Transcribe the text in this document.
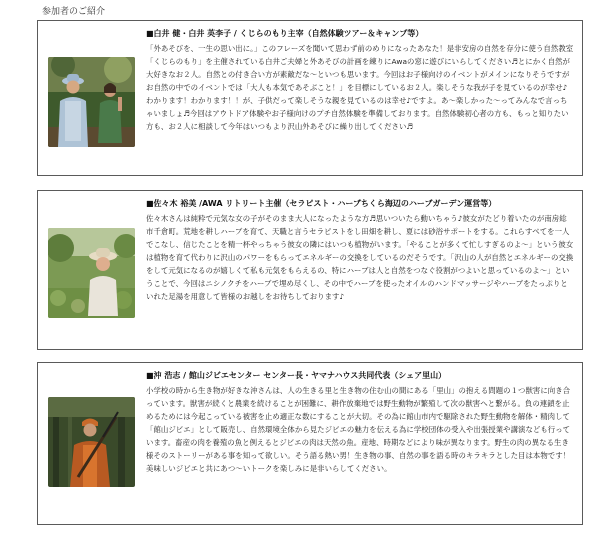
参加者のご紹介
■白井 健・白井 英李子 / くじらのもり主宰（自然体験ツアー＆キャンプ等）
「外あそびを、一生の思い出に。」このフレーズを聞いて思わず前のめりになったあなた！是非安房の自然を存分に使う自然教室「くじらのもり」を主催されている白井ご夫婦と外あそびの計画を練りにAwaの窓に遊びにいらしてください♬とにかく自然が大好きなお２人。自然との付き合い方が素敵だな～といつも思います。今回はお子様向けのイベントがメインになりそうですがお自然の中でのイベントでは「大人も本気であそぶこと！」を目標にしているお２人。楽しそうな我が子を見ているのが幸せ♪わかります！わかります！！が、子供だって楽しそうな親を見ているのは幸せ♪ですよ。あ～楽しかった～ってみんなで言っちゃいましょ♬今回はアウトドア体験やお子様向けのプチ自然体験を準備しております。自然体験初心者の方も、もっと知りたい方も、お２人に相談して今年はいつもより沢山外あそびに繰り出してください♬
■佐々木 裕美 /AWA リトリート主催（セラピスト・ハーブちくら海辺のハーブガーデン運営等）
佐々木さんは純粋で元気な女の子がそのまま大人になったような方♬思いついたら動いちゃう♪彼女がたどり着いたのが南房総市千倉町。荒地を耕しハーブを育て、天職と言うセラピストをし田畑を耕し、夏には砂浴サポートをする。これらすべてを一人でこなし、信じたことを精一杯やっちゃう彼女の隣にはいつも植物がいます。「やることが多くて忙しすぎるのよ～」という彼女は植物を育て代わりに沢山のパワーをもらってエネルギーの交換をしているのだそうです。「沢山の人が自然とエネルギーの交換をして元気になるのが嬉しくて私も元気をもらえるの、特にハーブは人と自然をつなぐ役割がつよいと思っているのよ～」ということで、今回はニシノクチをハーブで埋め尽くし、その中でハーブを使ったオイルのハンドマッサージやハーブをたっぷりといれた足湯を用意して皆様のお越しをお待ちしております♪
■沖 浩志 / 館山ジビエセンター センター長・ヤマナハウス共同代表（シェア里山）
小学校の時から生き物が好きな沖さんは、人の生きる里と生き物の住む山の間にある「里山」の抱える問題の１つ獣害に向き合っています。獣害が続くと農業を続けることが困難に、耕作放棄地では野生動物が繁殖して次の獣害へと繋がる。負の連鎖を止めるためには今起こっている被害を止め適正な数にすることが大切。その為に館山市内で駆除された野生動物を解体・精肉して「館山ジビエ」として販売し、自然環境全体から見たジビエの魅力を伝える為に学校団体の受入や出張授業や講演なども行っています。畜産の肉を養殖の魚と例えるとジビエの肉は天然の魚。産地、時期などにより味が異なります。野生の肉の異なる生き様そのストーリーがある事を知って欲しい。そう語る熱い男！生き物の事、自然の事を語る時のキラキラとした目は本物です！美味しいジビエと共にあつ～いトークを楽しみに是非いらしてください。
